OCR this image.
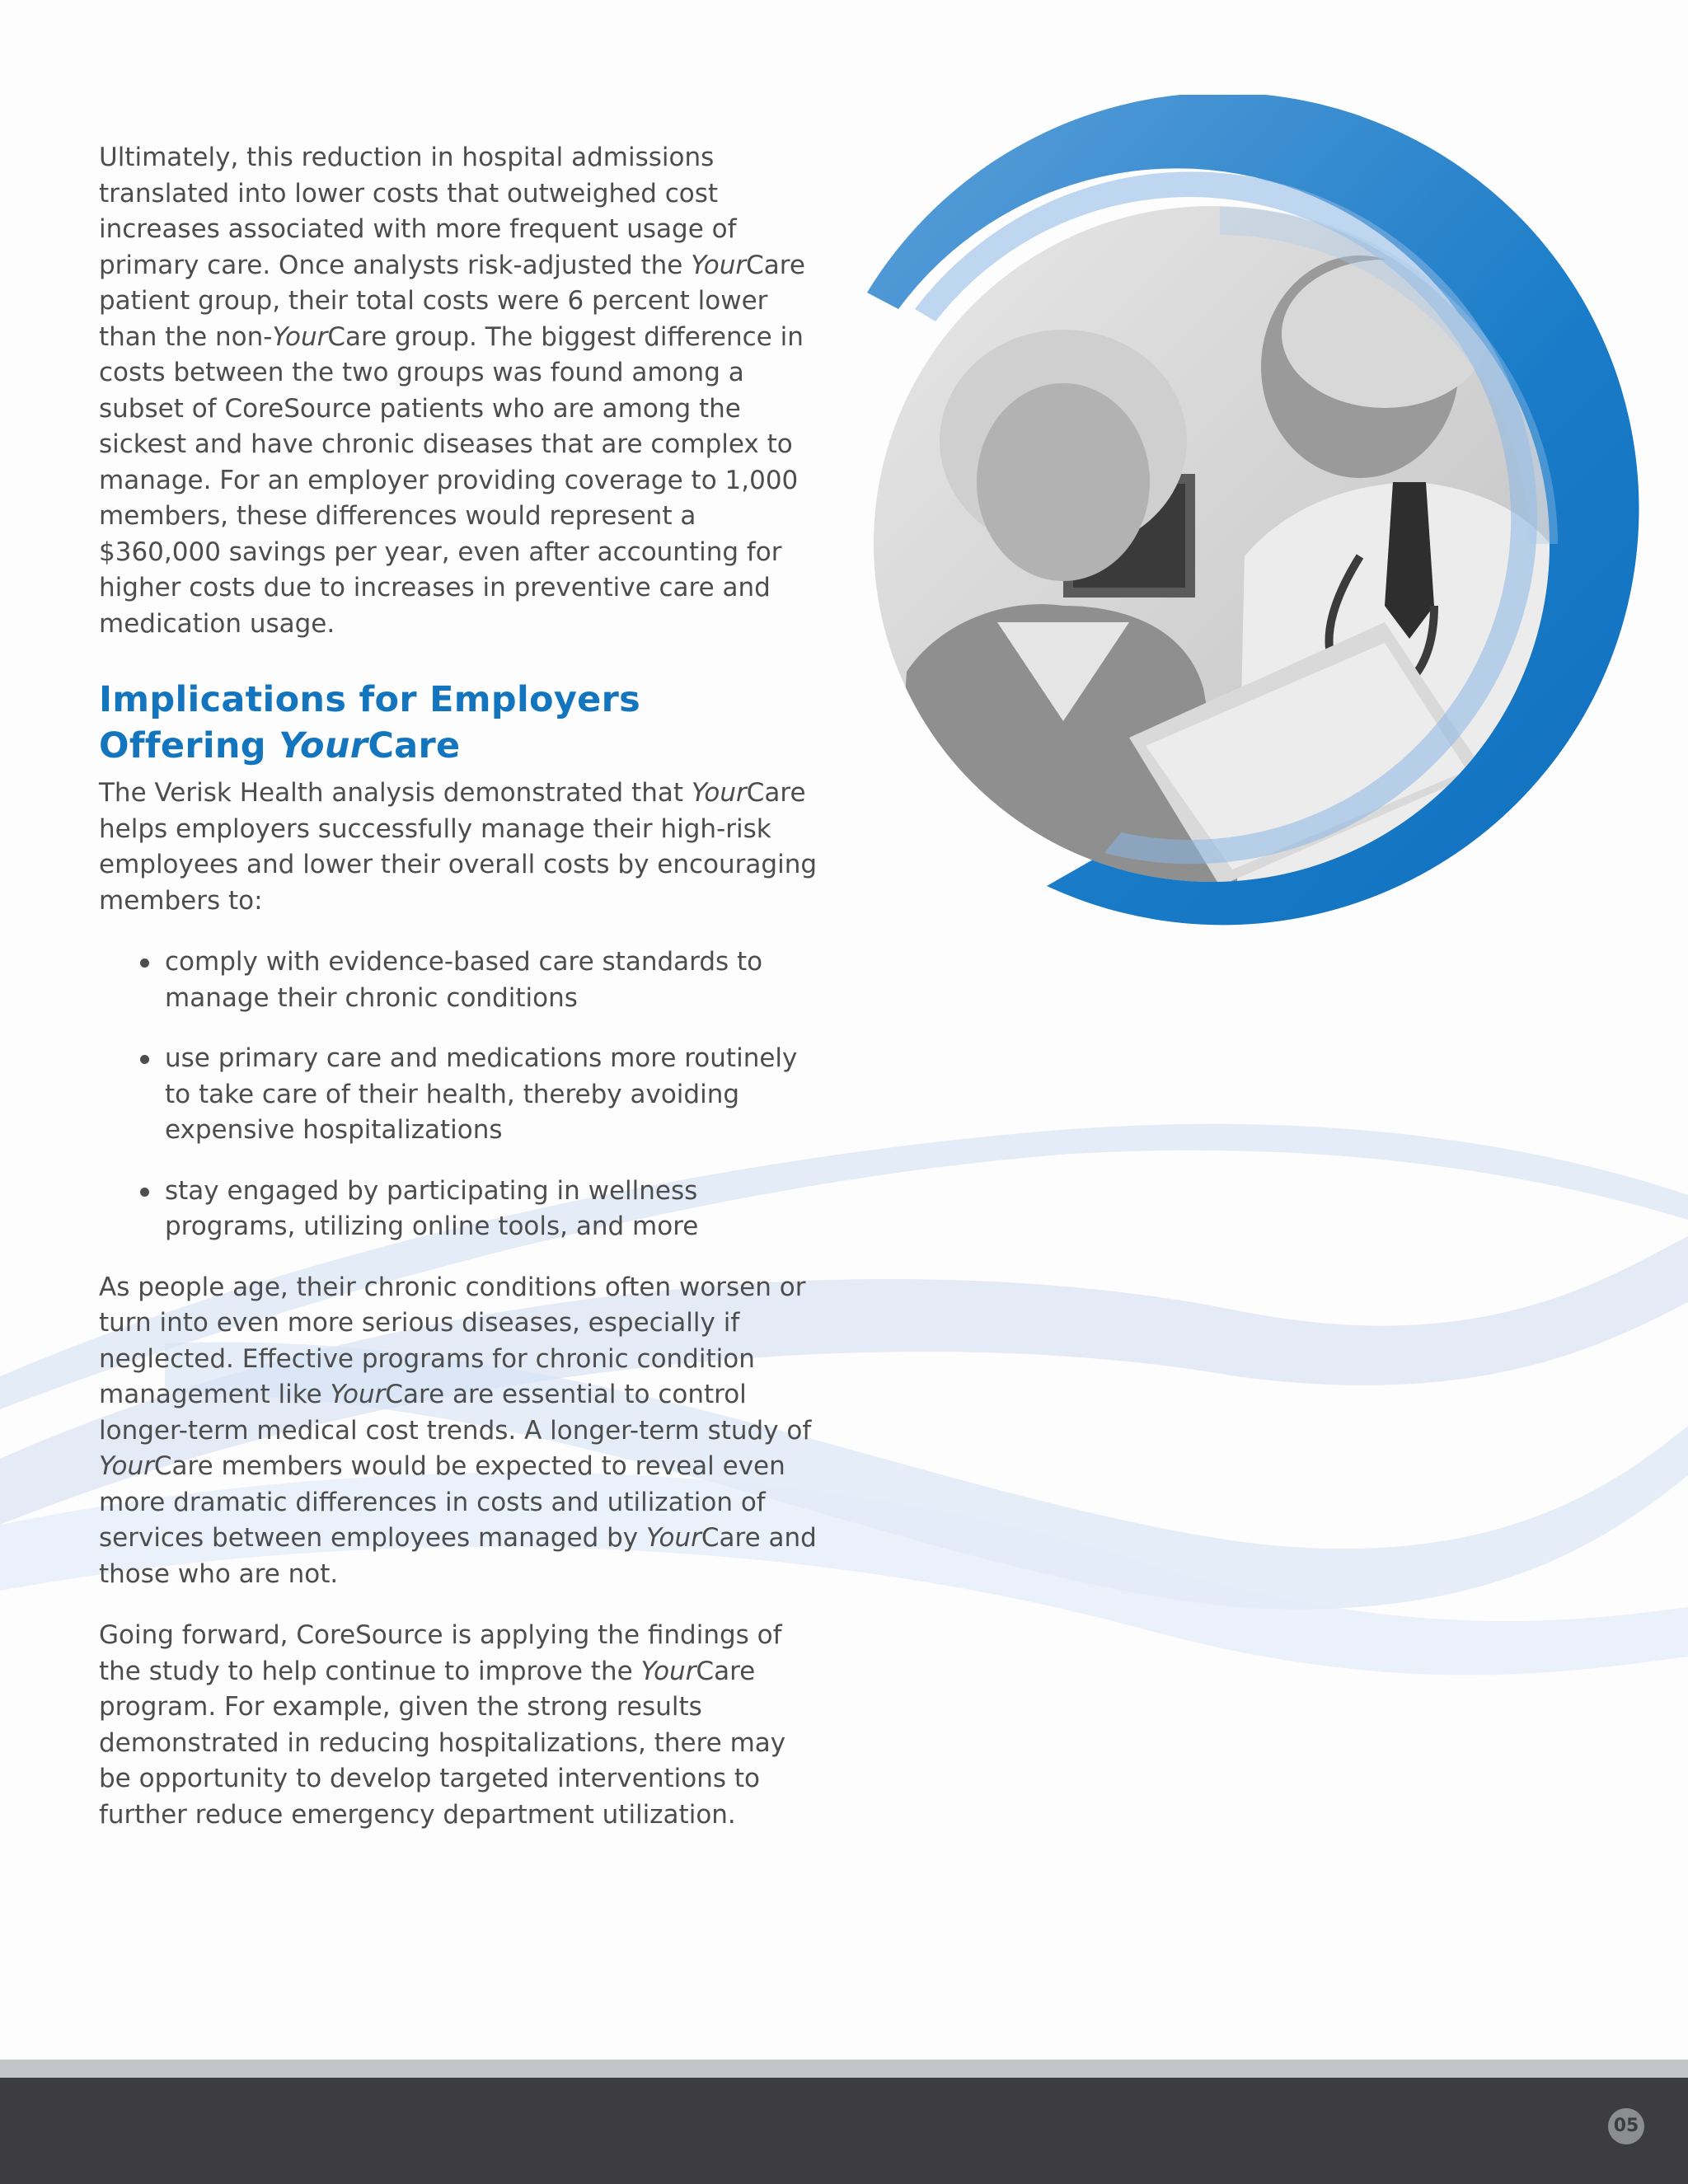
Ultimately, this reduction in hospital admissions translated into lower costs that outweighed cost increases associated with more frequent usage of primary care. Once analysts risk-adjusted the YourCare patient group, their total costs were 6 percent lower than the non-YourCare group. The biggest difference in costs between the two groups was found among a subset of CoreSource patients who are among the sickest and have chronic diseases that are complex to manage. For an employer providing coverage to 1,000 members, these differences would represent a $360,000 savings per year, even after accounting for higher costs due to increases in preventive care and medication usage.

Implications for Employers
Offering YourCare

The Verisk Health analysis demonstrated that YourCare helps employers successfully manage their high-risk employees and lower their overall costs by encouraging members to:

comply with evidence-based care standards to manage their chronic conditions
use primary care and medications more routinely to take care of their health, thereby avoiding expensive hospitalizations
stay engaged by participating in wellness programs, utilizing online tools, and more

As people age, their chronic conditions often worsen or turn into even more serious diseases, especially if neglected. Effective programs for chronic condition management like YourCare are essential to control longer-term medical cost trends. A longer-term study of YourCare members would be expected to reveal even more dramatic differences in costs and utilization of services between employees managed by YourCare and those who are not.

Going forward, CoreSource is applying the findings of the study to help continue to improve the YourCare program. For example, given the strong results demonstrated in reducing hospitalizations, there may be opportunity to develop targeted interventions to further reduce emergency department utilization.

05
